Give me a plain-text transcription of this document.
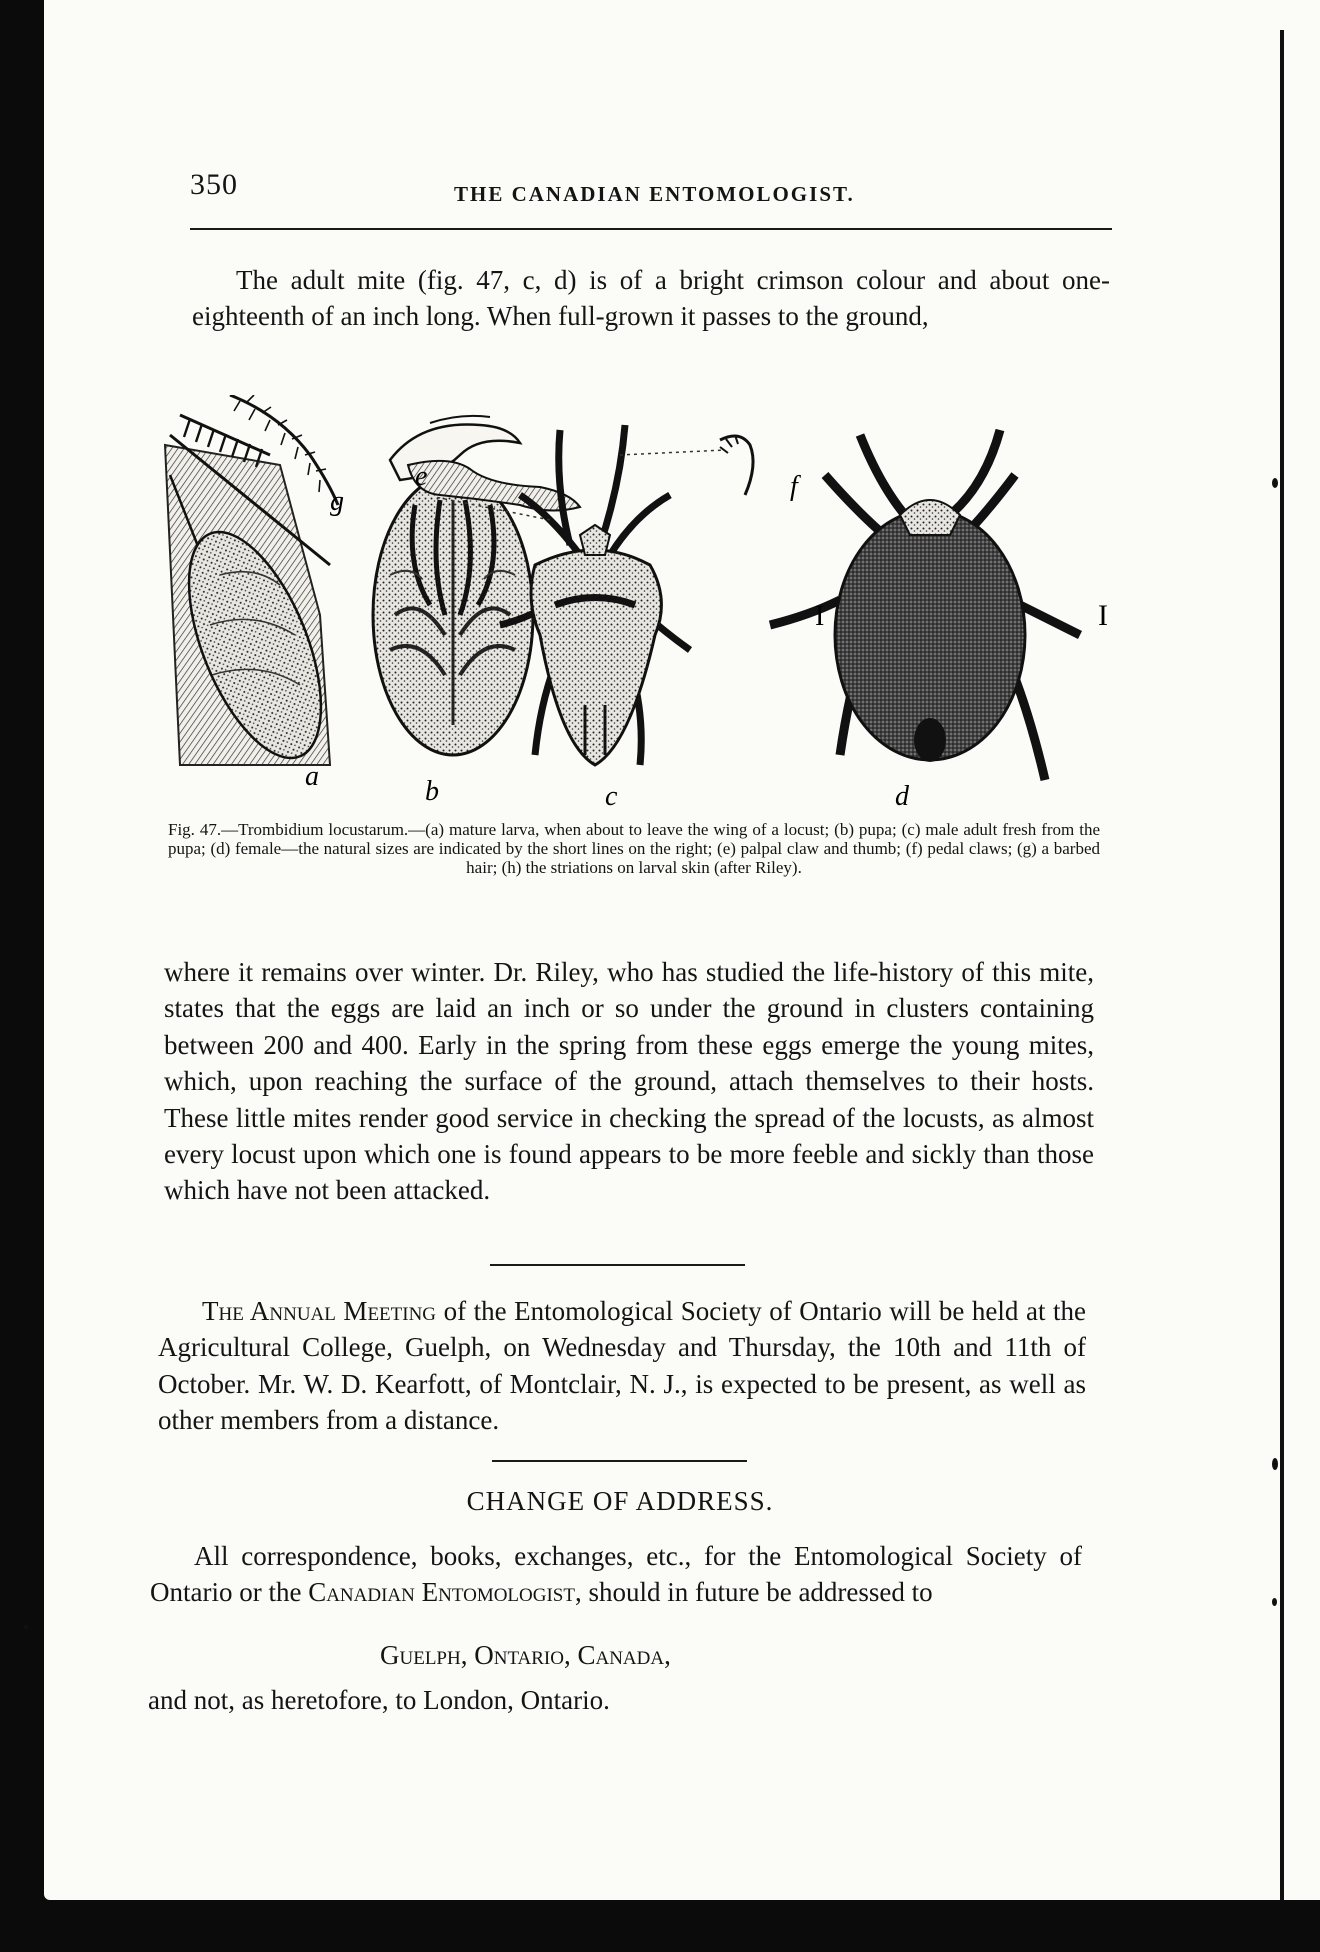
350	THE CANADIAN ENTOMOLOGIST.

The adult mite (fig. 47, c, d) is of a bright crimson colour and about one-eighteenth of an inch long. When full-grown it passes to the ground,

a	b	c	d
e	f
g
I	I

Fig. 47.—Trombidium locustarum.—(a) mature larva, when about to leave the wing of a locust; (b) pupa; (c) male adult fresh from the pupa; (d) female—the natural sizes are indicated by the short lines on the right; (e) palpal claw and thumb; (f) pedal claws; (g) a barbed hair; (h) the striations on larval skin (after Riley).

where it remains over winter. Dr. Riley, who has studied the life-history of this mite, states that the eggs are laid an inch or so under the ground in clusters containing between 200 and 400. Early in the spring from these eggs emerge the young mites, which, upon reaching the surface of the ground, attach themselves to their hosts. These little mites render good service in checking the spread of the locusts, as almost every locust upon which one is found appears to be more feeble and sickly than those which have not been attacked.

The Annual Meeting of the Entomological Society of Ontario will be held at the Agricultural College, Guelph, on Wednesday and Thursday, the 10th and 11th of October. Mr. W. D. Kearfott, of Montclair, N. J., is expected to be present, as well as other members from a distance.

CHANGE OF ADDRESS.

All correspondence, books, exchanges, etc., for the Entomological Society of Ontario or the Canadian Entomologist, should in future be addressed to

Guelph, Ontario, Canada,

and not, as heretofore, to London, Ontario.
